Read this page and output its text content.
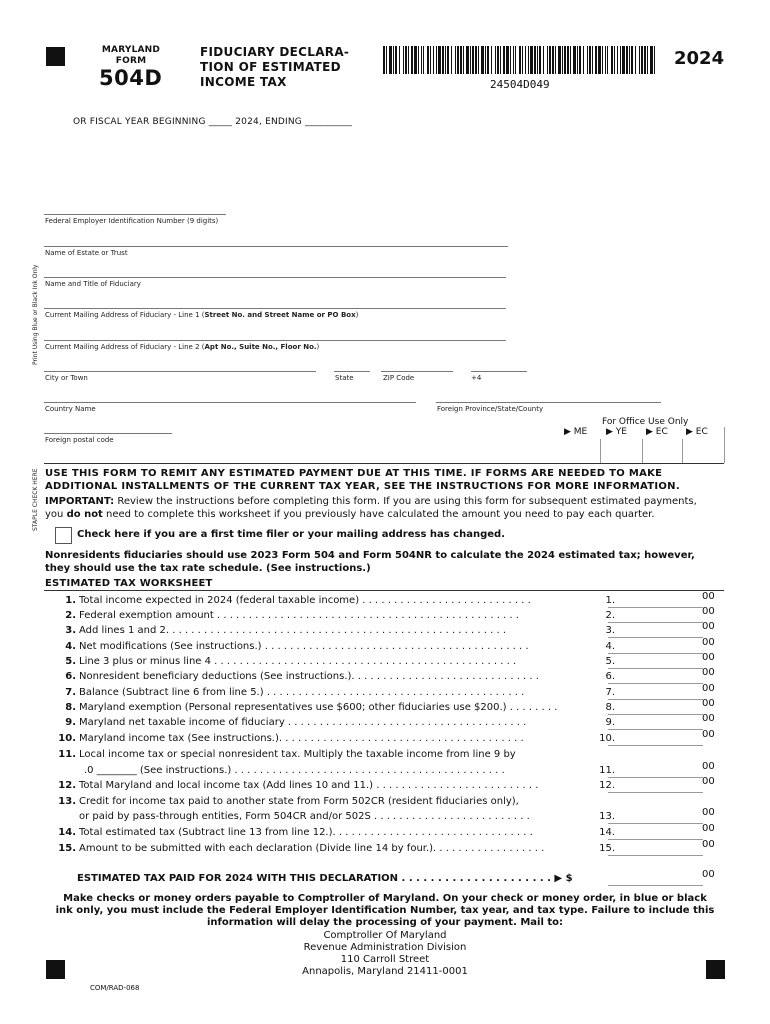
MARYLAND
FORM
504D
FIDUCIARY DECLARA-
TION OF ESTIMATED
INCOME TAX	24504D049
2024
OR FISCAL YEAR BEGINNING _____ 2024, ENDING __________
Print Using Blue or Black Ink Only
STAPLE CHECK HERE
Federal Employer Identification Number (9 digits)
Name of Estate or Trust
Name and Title of Fiduciary
Current Mailing Address of Fiduciary - Line 1 (Street No. and Street Name or PO Box)
Current Mailing Address of Fiduciary - Line 2 (Apt No., Suite No., Floor No.)
City or Town	State	ZIP Code	+4
Country Name	Foreign Province/State/County
Foreign postal code
For Office Use Only
▶ ME ▶ YE ▶ EC ▶ EC
USE THIS FORM TO REMIT ANY ESTIMATED PAYMENT DUE AT THIS TIME. IF FORMS ARE NEEDED TO MAKE
ADDITIONAL INSTALLMENTS OF THE CURRENT TAX YEAR, SEE THE INSTRUCTIONS FOR MORE INFORMATION.
IMPORTANT: Review the instructions before completing this form. If you are using this form for subsequent estimated payments,
you do not need to complete this worksheet if you previously have calculated the amount you need to pay each quarter.
Check here if you are a first time filer or your mailing address has changed.
Nonresidents fiduciaries should use 2023 Form 504 and Form 504NR to calculate the 2024 estimated tax; however,
they should use the tax rate schedule. (See instructions.)
ESTIMATED TAX WORKSHEET
1. Total income expected in 2024 (federal taxable income) . . . . . . . . . . . . . . . . . . . . . . . . . . .	1.	00
2. Federal exemption amount . . . . . . . . . . . . . . . . . . . . . . . . . . . . . . . . . . . . . . . . . . . . . . . .	2.	00
3. Add lines 1 and 2. . . . . . . . . . . . . . . . . . . . . . . . . . . . . . . . . . . . . . . . . . . . . . . . . . . . . .	3.	00
4. Net modifications (See instructions.) . . . . . . . . . . . . . . . . . . . . . . . . . . . . . . . . . . . . . . . . . .	4.	00
5. Line 3 plus or minus line 4 . . . . . . . . . . . . . . . . . . . . . . . . . . . . . . . . . . . . . . . . . . . . . . . .	5.	00
6. Nonresident beneficiary deductions (See instructions.). . . . . . . . . . . . . . . . . . . . . . . . . . . . . .	6.	00
7. Balance (Subtract line 6 from line 5.) . . . . . . . . . . . . . . . . . . . . . . . . . . . . . . . . . . . . . . . . .	7.	00
8. Maryland exemption (Personal representatives use $600; other fiduciaries use $200.) . . . . . . . .	8.	00
9. Maryland net taxable income of fiduciary . . . . . . . . . . . . . . . . . . . . . . . . . . . . . . . . . . . . . .	9.	00
10. Maryland income tax (See instructions.). . . . . . . . . . . . . . . . . . . . . . . . . . . . . . . . . . . . . . .	10.	00
11. Local income tax or special nonresident tax. Multiply the taxable income from line 9 by
.0 ________ (See instructions.) . . . . . . . . . . . . . . . . . . . . . . . . . . . . . . . . . . . . . . . . . . .	11.	00
12. Total Maryland and local income tax (Add lines 10 and 11.) . . . . . . . . . . . . . . . . . . . . . . . . . .	12.	00
13. Credit for income tax paid to another state from Form 502CR (resident fiduciaries only),
or paid by pass-through entities, Form 504CR and/or 502S . . . . . . . . . . . . . . . . . . . . . . . . .	13.	00
14. Total estimated tax (Subtract line 13 from line 12.). . . . . . . . . . . . . . . . . . . . . . . . . . . . . . . .	14.	00
15. Amount to be submitted with each declaration (Divide line 14 by four.). . . . . . . . . . . . . . . . . .	15.	00
ESTIMATED TAX PAID FOR 2024 WITH THIS DECLARATION . . . . . . . . . . . . . . . . . . . . . ▶ $	00
Make checks or money orders payable to Comptroller of Maryland. On your check or money order, in blue or black
ink only, you must include the Federal Employer Identification Number, tax year, and tax type. Failure to include this
information will delay the processing of your payment. Mail to:
Comptroller Of Maryland
Revenue Administration Division
110 Carroll Street
Annapolis, Maryland 21411-0001
COM/RAD-068
